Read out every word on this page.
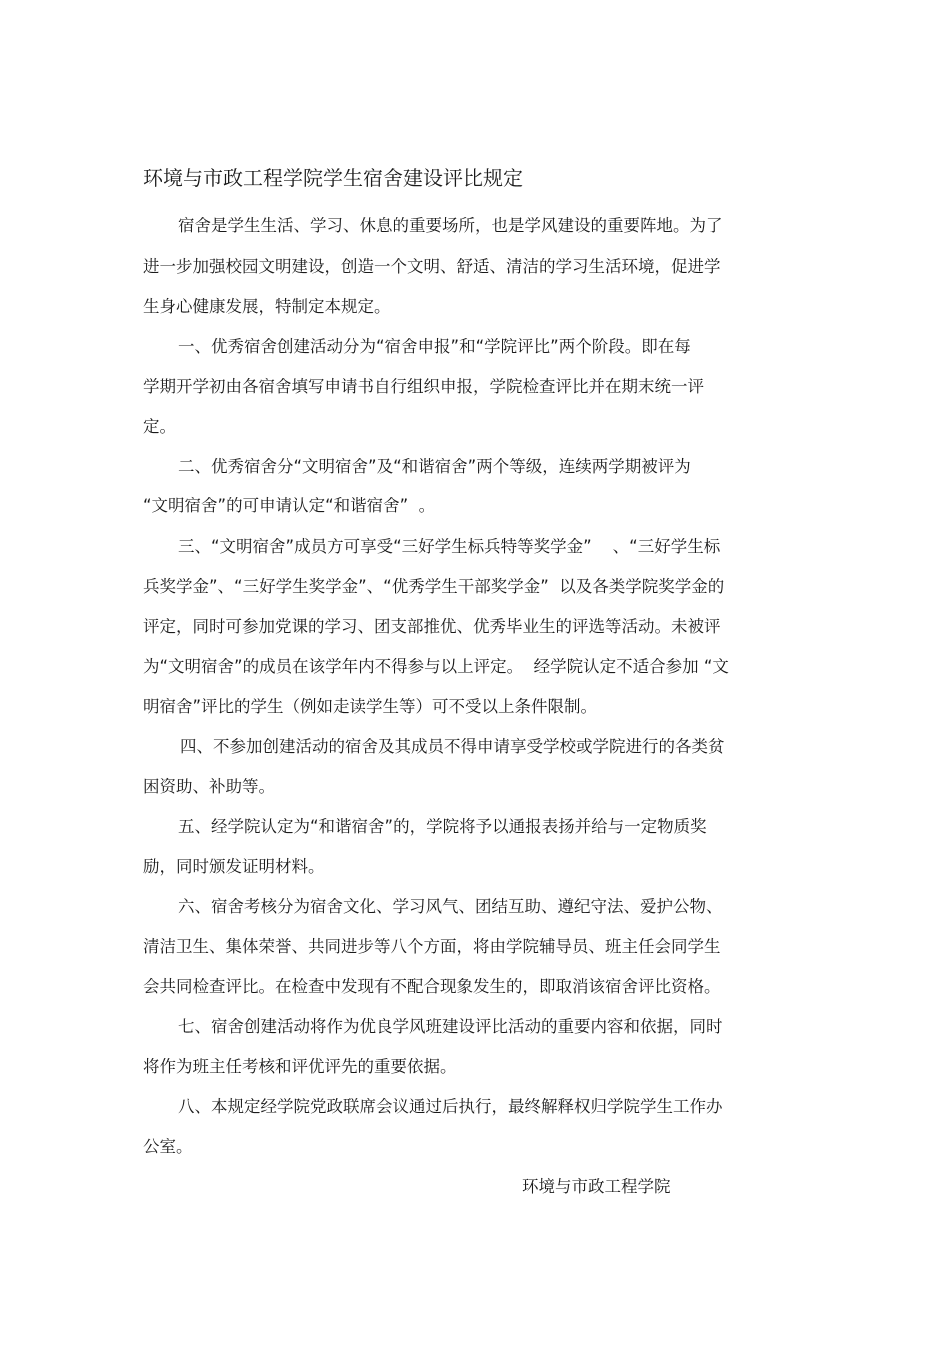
环境与市政工程学院学生宿舍建设评比规定
宿舍是学生生活、学习、休息的重要场所，也是学风建设的重要阵地。为了
进一步加强校园文明建设，创造一个文明、舒适、清洁的学习生活环境，促进学
生身心健康发展，特制定本规定。
一、优秀宿舍创建活动分为“宿舍申报”和“学院评比”两个阶段。即在每
学期开学初由各宿舍填写申请书自行组织申报，学院检查评比并在期末统一评
定。
二、优秀宿舍分“文明宿舍”及“和谐宿舍”两个等级，连续两学期被评为
“文明宿舍”的可申请认定“和谐宿舍”  。
三、“文明宿舍”成员方可享受“三好学生标兵特等奖学金”    、“三好学生标
兵奖学金”、“三好学生奖学金”、“优秀学生干部奖学金”  以及各类学院奖学金的
评定，同时可参加党课的学习、团支部推优、优秀毕业生的评选等活动。未被评
为“文明宿舍”的成员在该学年内不得参与以上评定。  经学院认定不适合参加 “文
明宿舍”评比的学生（例如走读学生等）可不受以上条件限制。
四、不参加创建活动的宿舍及其成员不得申请享受学校或学院进行的各类贫
困资助、补助等。
五、经学院认定为“和谐宿舍”的，学院将予以通报表扬并给与一定物质奖
励，同时颁发证明材料。
六、宿舍考核分为宿舍文化、学习风气、团结互助、遵纪守法、爱护公物、
清洁卫生、集体荣誉、共同进步等八个方面，将由学院辅导员、班主任会同学生
会共同检查评比。在检查中发现有不配合现象发生的，即取消该宿舍评比资格。
七、宿舍创建活动将作为优良学风班建设评比活动的重要内容和依据，同时
将作为班主任考核和评优评先的重要依据。
八、本规定经学院党政联席会议通过后执行，最终解释权归学院学生工作办
公室。
环境与市政工程学院
